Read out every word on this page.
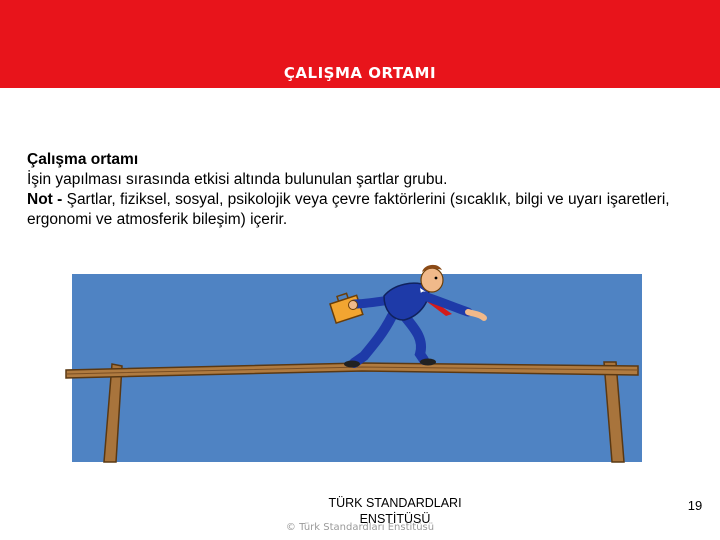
ÇALIŞMA ORTAMI

Çalışma ortamı

İşin yapılması sırasında etkisi altında bulunulan şartlar grubu.

Not - Şartlar, fiziksel, sosyal, psikolojik veya çevre faktörlerini (sıcaklık, bilgi ve uyarı işaretleri, ergonomi ve atmosferik bileşim) içerir.

TÜRK STANDARDLARI ENSTİTÜSÜ
© Türk Standardları Enstitüsü
19
